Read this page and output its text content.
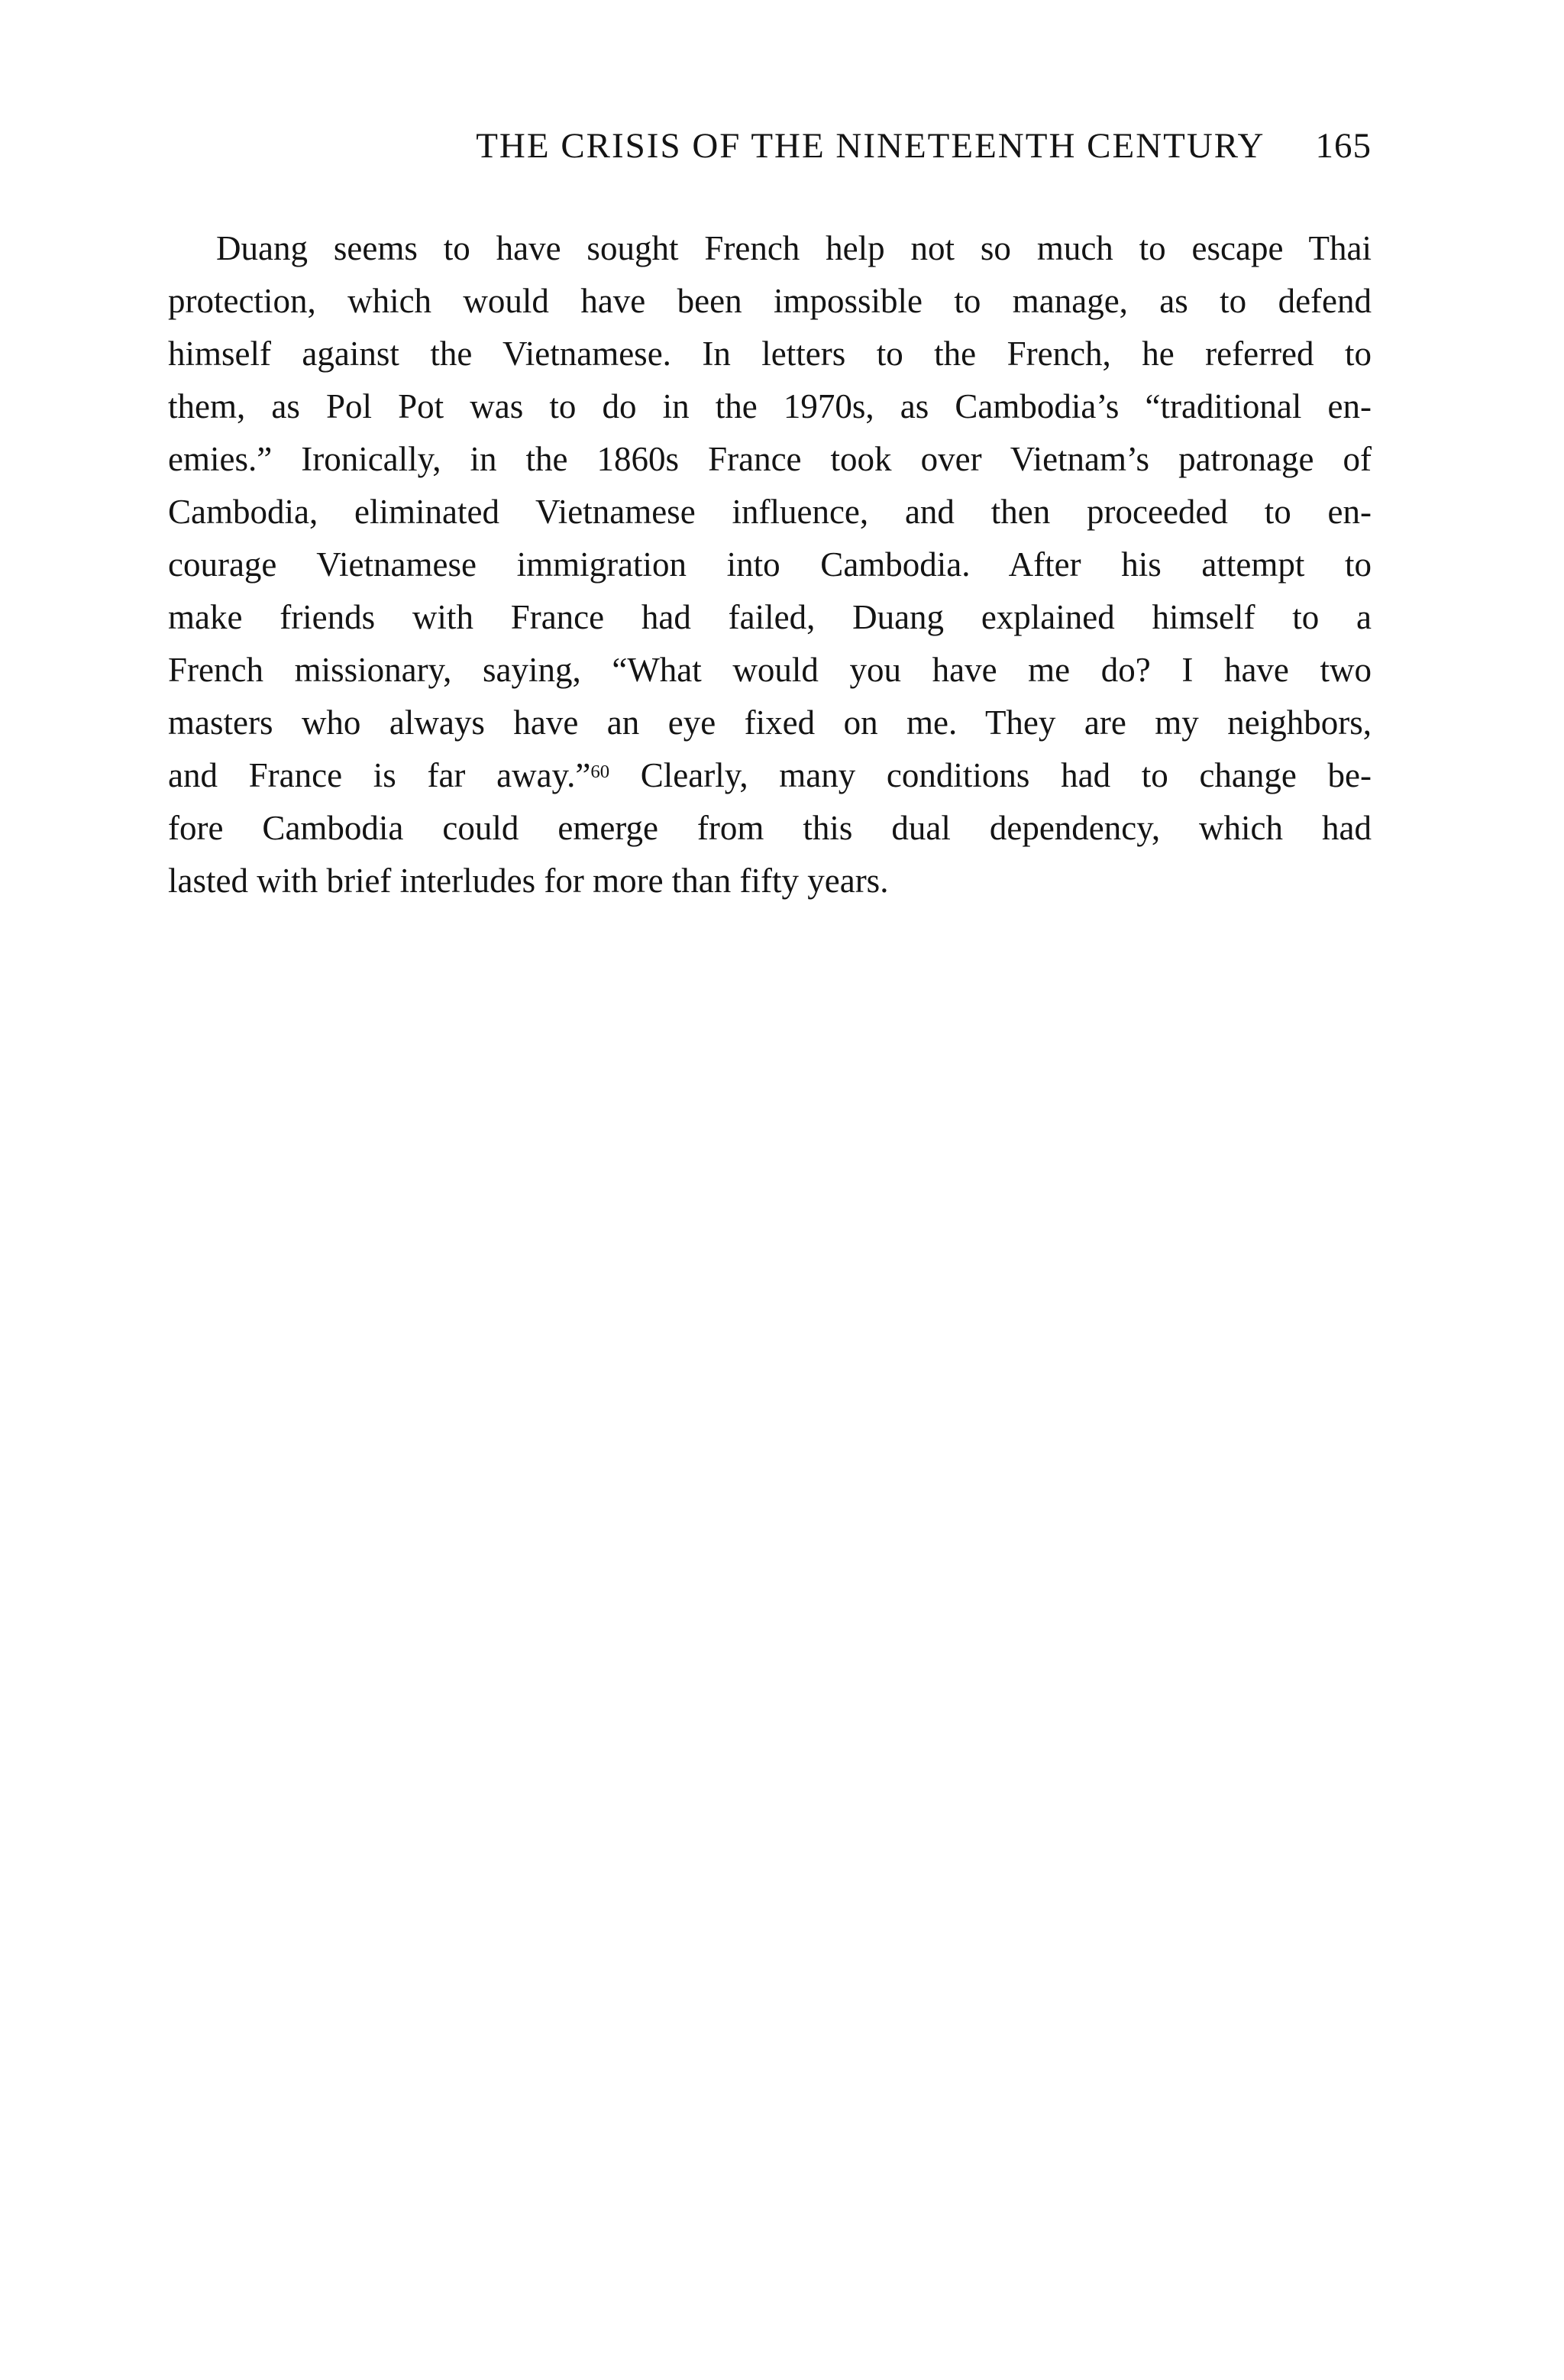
THE CRISIS OF THE NINETEENTH CENTURY 165
Duang seems to have sought French help not so much to escape Thai
protection, which would have been impossible to manage, as to defend
himself against the Vietnamese. In letters to the French, he referred to
them, as Pol Pot was to do in the 1970s, as Cambodia’s “traditional en-
emies.” Ironically, in the 1860s France took over Vietnam’s patronage of
Cambodia, eliminated Vietnamese influence, and then proceeded to en-
courage Vietnamese immigration into Cambodia. After his attempt to
make friends with France had failed, Duang explained himself to a
French missionary, saying, “What would you have me do? I have two
masters who always have an eye fixed on me. They are my neighbors,
and France is far away.”$^{60}$ Clearly, many conditions had to change be-
fore Cambodia could emerge from this dual dependency, which had
lasted with brief interludes for more than fifty years.
